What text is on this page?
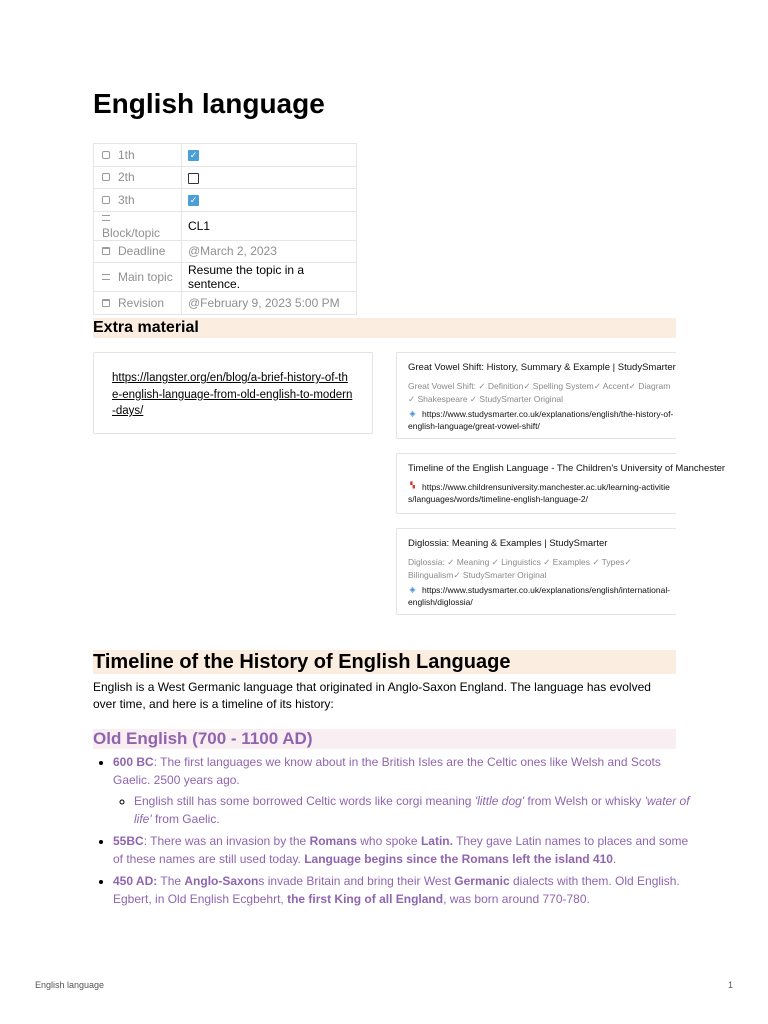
English language
1th	✓
2th	
3th	✓
Block/topic	CL1
Deadline	@March 2, 2023
Main topic	Resume the topic in a sentence.
Revision	@February 9, 2023 5:00 PM
Extra material
https://langster.org/en/blog/a-brief-history-of-the-english-language-from-old-english-to-modern-days/
Great Vowel Shift: History, Summary & Example | StudySmarter
Great Vowel Shift: ✓ Definition✓ Spelling System✓ Accent✓ Diagram
✓ Shakespeare ✓ StudySmarter Original
◈ https://www.studysmarter.co.uk/explanations/english/the-history-of-english-language/great-vowel-shift/
Timeline of the English Language - The Children's University of Manchester
▚ https://www.childrensuniversity.manchester.ac.uk/learning-activities/languages/words/timeline-english-language-2/
Diglossia: Meaning & Examples | StudySmarter
Diglossia: ✓ Meaning ✓ Linguistics ✓ Examples ✓ Types✓
Bilingualism✓ StudySmarter Original
◈ https://www.studysmarter.co.uk/explanations/english/international-english/diglossia/
Timeline of the History of English Language

English is a West Germanic language that originated in Anglo-Saxon England. The language has evolved over time, and here is a timeline of its history:

Old English (700 - 1100 AD)
• 600 BC: The first languages we know about in the British Isles are the Celtic ones like Welsh and Scots Gaelic. 2500 years ago.
◦ English still has some borrowed Celtic words like corgi meaning 'little dog' from Welsh or whisky 'water of life' from Gaelic.
• 55BC: There was an invasion by the Romans who spoke Latin. They gave Latin names to places and some of these names are still used today. Language begins since the Romans left the island 410.
• 450 AD: The Anglo-Saxons invade Britain and bring their West Germanic dialects with them. Old English. Egbert, in Old English Ecgbehrt, the first King of all England, was born around 770-780.
English language	1
